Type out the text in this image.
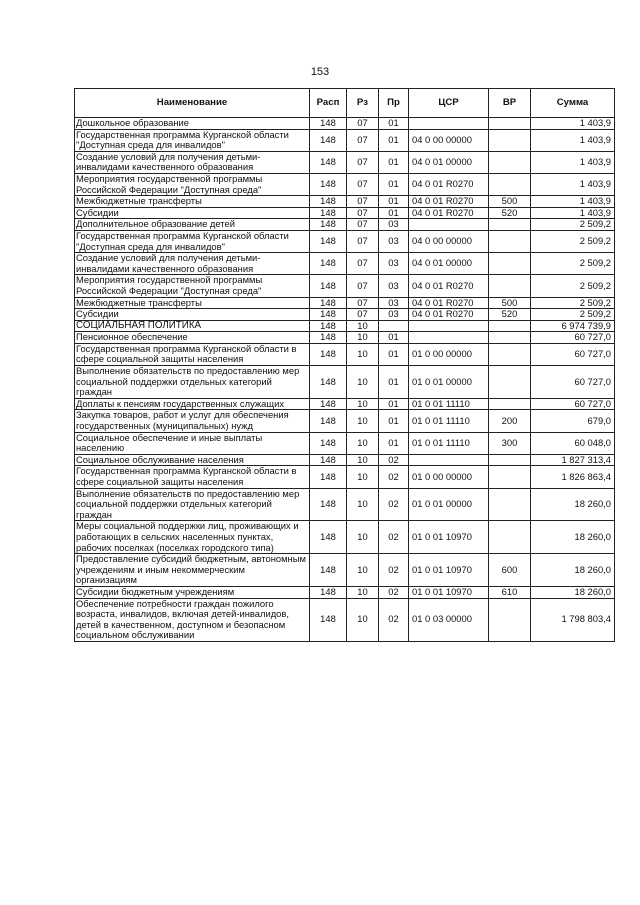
153
Наименование	Расп	Рз	Пр	ЦСР	ВР	Сумма
Дошкольное образование	148	07	01			1 403,9
Государственная программа Курганской области "Доступная среда для инвалидов"	148	07	01	04 0 00 00000		1 403,9
Создание условий для получения детьми-инвалидами качественного образования	148	07	01	04 0 01 00000		1 403,9
Мероприятия государственной программы Российской Федерации "Доступная среда"	148	07	01	04 0 01 R0270		1 403,9
Межбюджетные трансферты	148	07	01	04 0 01 R0270	500	1 403,9
Субсидии	148	07	01	04 0 01 R0270	520	1 403,9
Дополнительное образование детей	148	07	03			2 509,2
Государственная программа Курганской области "Доступная среда для инвалидов"	148	07	03	04 0 00 00000		2 509,2
Создание условий для получения детьми-инвалидами качественного образования	148	07	03	04 0 01 00000		2 509,2
Мероприятия государственной программы Российской Федерации "Доступная среда"	148	07	03	04 0 01 R0270		2 509,2
Межбюджетные трансферты	148	07	03	04 0 01 R0270	500	2 509,2
Субсидии	148	07	03	04 0 01 R0270	520	2 509,2
СОЦИАЛЬНАЯ ПОЛИТИКА	148	10				6 974 739,9
Пенсионное обеспечение	148	10	01			60 727,0
Государственная программа Курганской области в сфере социальной защиты населения	148	10	01	01 0 00 00000		60 727,0
Выполнение обязательств по предоставлению мер социальной поддержки отдельных категорий граждан	148	10	01	01 0 01 00000		60 727,0
Доплаты к пенсиям государственных служащих	148	10	01	01 0 01 11110		60 727,0
Закупка товаров, работ и услуг для обеспечения государственных (муниципальных) нужд	148	10	01	01 0 01 11110	200	679,0
Социальное обеспечение и иные выплаты населению	148	10	01	01 0 01 11110	300	60 048,0
Социальное обслуживание населения	148	10	02			1 827 313,4
Государственная программа Курганской области в сфере социальной защиты населения	148	10	02	01 0 00 00000		1 826 863,4
Выполнение обязательств по предоставлению мер социальной поддержки отдельных категорий граждан	148	10	02	01 0 01 00000		18 260,0
Меры социальной поддержки лиц, проживающих и работающих в сельских населенных пунктах, рабочих поселках (поселках городского типа)	148	10	02	01 0 01 10970		18 260,0
Предоставление субсидий бюджетным, автономным учреждениям и иным некоммерческим организациям	148	10	02	01 0 01 10970	600	18 260,0
Субсидии бюджетным учреждениям	148	10	02	01 0 01 10970	610	18 260,0
Обеспечение потребности граждан пожилого возраста, инвалидов, включая детей-инвалидов, детей в качественном, доступном и безопасном социальном обслуживании	148	10	02	01 0 03 00000		1 798 803,4
